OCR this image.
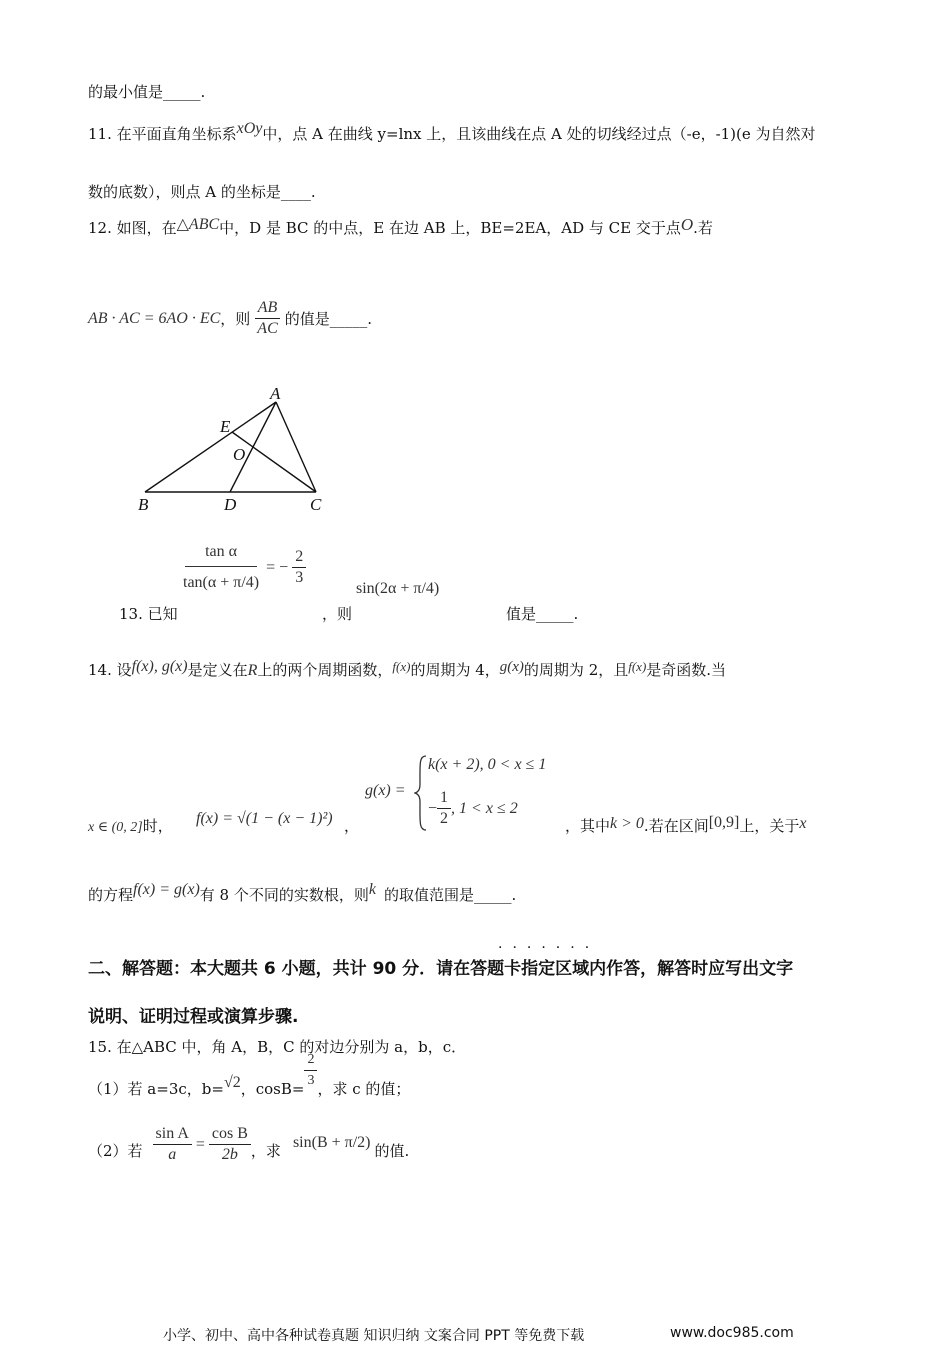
的最小值是_____.
11. 在平面直角坐标系xOy中，点 A 在曲线 y=lnx 上，且该曲线在点 A 处的切线经过点（-e，-1)(e 为自然对
数的底数），则点 A 的坐标是____.
12. 如图，在△ABC中，D 是 BC 的中点，E 在边 AB 上，BE=2EA，AD 与 CE 交于点O.若
AB · AC = 6AO · EC ，则 $\frac{AB}{AC}$ 的值是_____.
A
E
O
B	D	C
$\frac{\text{tan α}}{\tan(\alpha + \pi/4)}$ = − $\frac{2}{3}$
13. 已知	，则
sin(2α + π/4)
值是_____.
14. 设f(x), g(x)是定义在R上的两个周期函数，f(x)的周期为 4，g(x)的周期为 2，且f(x)是奇函数.当
g(x) =
k(x + 2), 0 < x ≤ 1
− $\frac{1}{2}$ , 1 < x ≤ 2
x ∈ (0, 2]时， f(x) = √(1 − (x − 1)²) ，	，其中k > 0.若在区间[0,9]上，关于x
的方程f(x) = g(x)有 8 个不同的实数根，则k 的取值范围是_____.
·······
二、解答题：本大题共 6 小题，共计 90 分．请在答题卡指定区域内作答，解答时应写出文字
说明、证明过程或演算步骤.
15. 在△ABC 中，角 A，B，C 的对边分别为 a，b，c．
（1）若 a=3c，b= √2 ，$\cos B= \frac{2}{3}$ ，求 c 的值；
（2）若 $\frac{\text{sin A}}{a} = \frac{\text{cos B}}{2b}$ ，求 sin(B + π/2) 的值.
小学、初中、高中各种试卷真题 知识归纳 文案合同 PPT 等免费下载	www.doc985.com
